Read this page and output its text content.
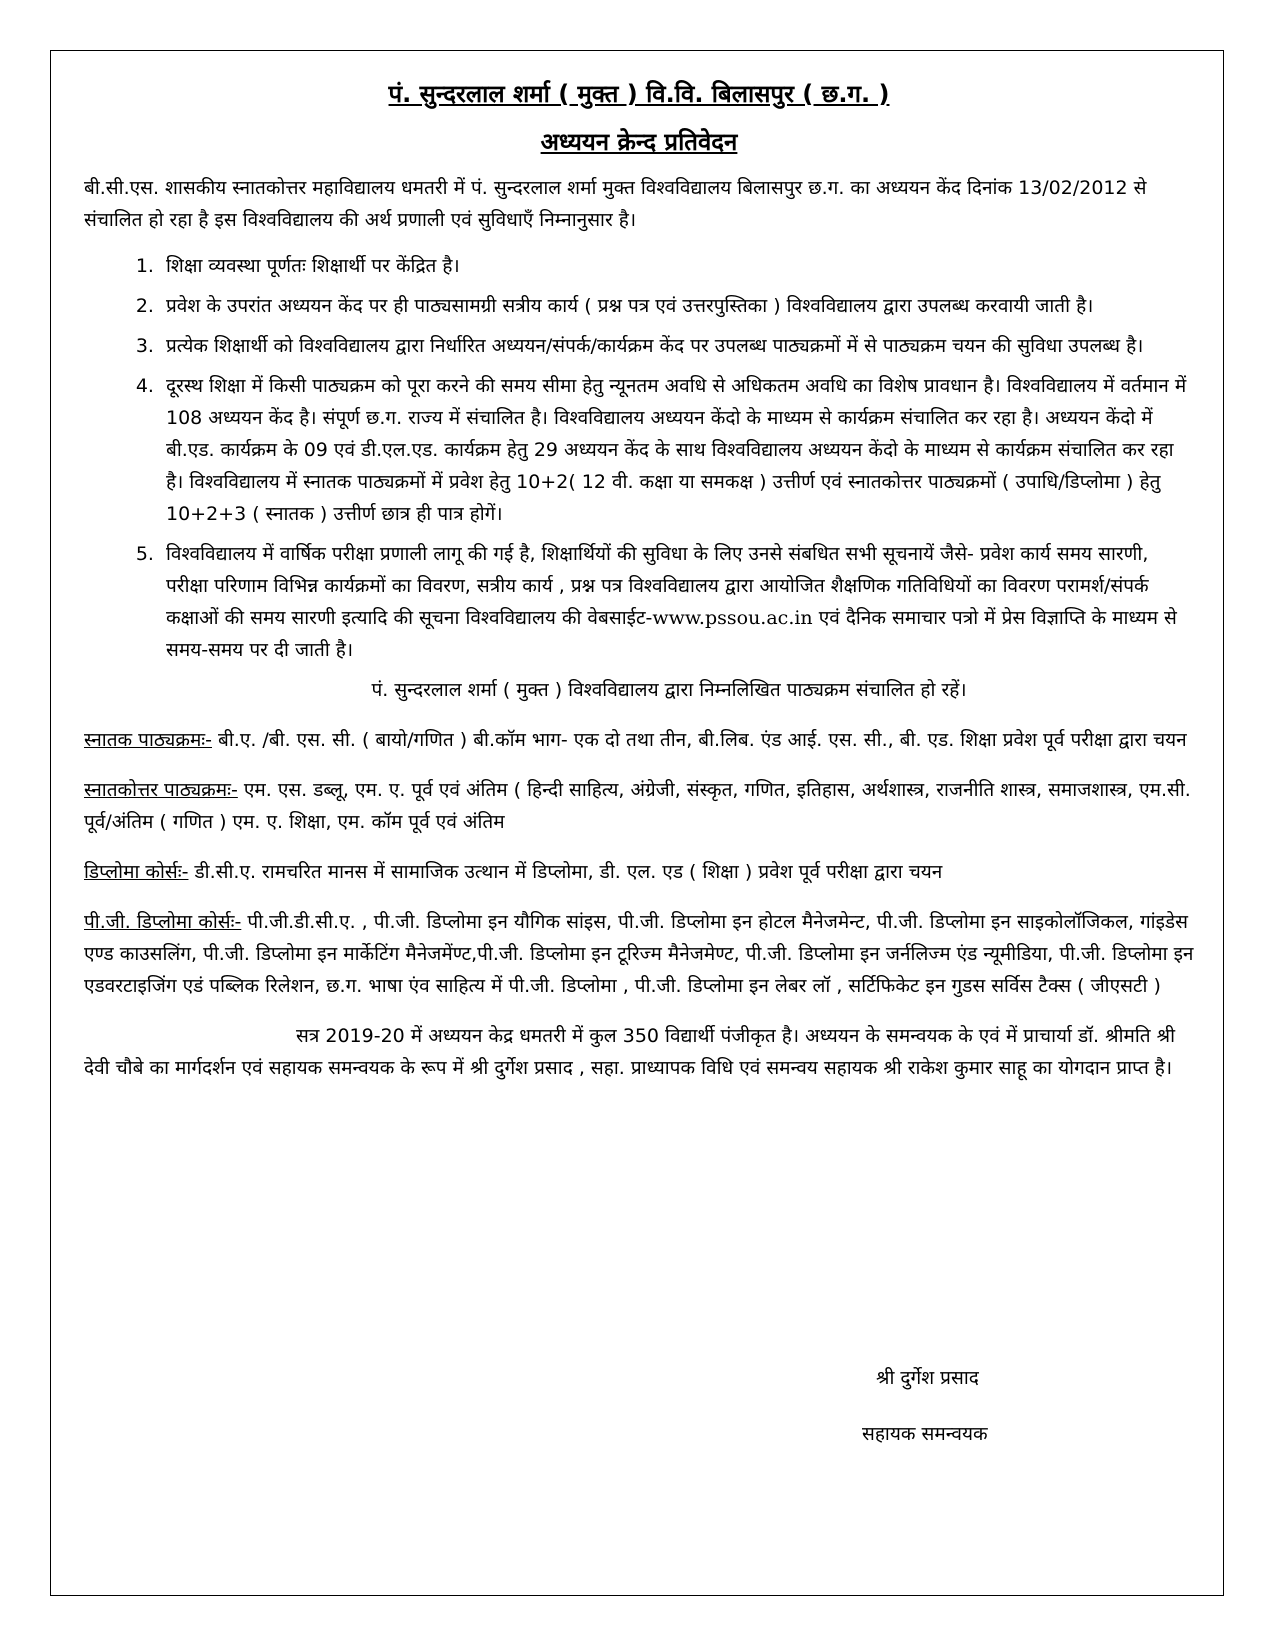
पं. सुन्दरलाल शर्मा ( मुक्त ) वि.वि. बिलासपुर ( छ.ग. )
अध्ययन क्रेन्द प्रतिवेदन

बी.सी.एस. शासकीय स्नातकोत्तर महाविद्यालय धमतरी में पं. सुन्दरलाल शर्मा मुक्त विश्वविद्यालय बिलासपुर छ.ग. का अध्ययन केंद दिनांक 13/02/2012 से संचालित हो रहा है इस विश्वविद्यालय की अर्थ प्रणाली एवं सुविधाएँ निम्नानुसार है।

1. शिक्षा व्यवस्था पूर्णतः शिक्षार्थी पर केंद्रित है।
2. प्रवेश के उपरांत अध्ययन केंद पर ही पाठ्यसामग्री सत्रीय कार्य ( प्रश्न पत्र एवं उत्तरपुस्तिका ) विश्वविद्यालय द्वारा उपलब्ध करवायी जाती है।
3. प्रत्येक शिक्षार्थी को विश्वविद्यालय द्वारा निर्धारित अध्ययन/संपर्क/कार्यक्रम केंद पर उपलब्ध पाठ्यक्रमों में से पाठ्यक्रम चयन की सुविधा उपलब्ध है।
4. दूरस्थ शिक्षा में किसी पाठ्यक्रम को पूरा करने की समय सीमा हेतु न्यूनतम अवधि से अधिकतम अवधि का विशेष प्रावधान है। विश्वविद्यालय में वर्तमान में 108 अध्ययन केंद है। संपूर्ण छ.ग. राज्य में संचालित है। विश्वविद्यालय अध्ययन केंदो के माध्यम से कार्यक्रम संचालित कर रहा है। अध्ययन केंदो में बी.एड. कार्यक्रम के 09 एवं डी.एल.एड. कार्यक्रम हेतु 29 अध्ययन केंद के साथ विश्वविद्यालय अध्ययन केंदो के माध्यम से कार्यक्रम संचालित कर रहा है। विश्वविद्यालय में स्नातक पाठ्यक्रमों में प्रवेश हेतु 10+2( 12 वी. कक्षा या समकक्ष ) उत्तीर्ण एवं स्नातकोत्तर पाठ्यक्रमों ( उपाधि/डिप्लोमा ) हेतु 10+2+3 ( स्नातक ) उत्तीर्ण छात्र ही पात्र होगें।
5. विश्वविद्यालय में वार्षिक परीक्षा प्रणाली लागू की गई है, शिक्षार्थियों की सुविधा के लिए उनसे संबधित सभी सूचनायें जैसे- प्रवेश कार्य समय सारणी, परीक्षा परिणाम विभिन्न कार्यक्रमों का विवरण, सत्रीय कार्य , प्रश्न पत्र विश्वविद्यालय द्वारा आयोजित शैक्षणिक गतिविधियों का विवरण परामर्श/संपर्क कक्षाओं की समय सारणी इत्यादि की सूचना विश्वविद्यालय की वेबसाईट-www.pssou.ac.in एवं दैनिक समाचार पत्रो में प्रेस विज्ञाप्ति के माध्यम से समय-समय पर दी जाती है।

पं. सुन्दरलाल शर्मा ( मुक्त ) विश्वविद्यालय द्वारा निम्नलिखित पाठ्यक्रम संचालित हो रहें।

स्नातक पाठ्यक्रमः- बी.ए. /बी. एस. सी. ( बायो/गणित ) बी.कॉम भाग- एक दो तथा तीन, बी.लिब. एंड आई. एस. सी., बी. एड. शिक्षा प्रवेश पूर्व परीक्षा द्वारा चयन

स्नातकोत्तर पाठ्यक्रमः- एम. एस. डब्लू, एम. ए. पूर्व एवं अंतिम ( हिन्दी साहित्य, अंग्रेजी, संस्कृत, गणित, इतिहास, अर्थशास्त्र, राजनीति शास्त्र, समाजशास्त्र, एम.सी. पूर्व/अंतिम ( गणित ) एम. ए. शिक्षा, एम. कॉम पूर्व एवं अंतिम

डिप्लोमा कोर्सः- डी.सी.ए. रामचरित मानस में सामाजिक उत्थान में डिप्लोमा, डी. एल. एड ( शिक्षा ) प्रवेश पूर्व परीक्षा द्वारा चयन

पी.जी. डिप्लोमा कोर्सः- पी.जी.डी.सी.ए. , पी.जी. डिप्लोमा इन यौगिक सांइस, पी.जी. डिप्लोमा इन होटल मैनेजमेन्ट, पी.जी. डिप्लोमा इन साइकोलॉजिकल, गांइडेस एण्ड काउसलिंग, पी.जी. डिप्लोमा इन मार्केटिंग मैनेजमेंण्ट,पी.जी. डिप्लोमा इन टूरिज्म मैनेजमेण्ट, पी.जी. डिप्लोमा इन जर्नलिज्म एंड न्यूमीडिया, पी.जी. डिप्लोमा इन एडवरटाइजिंग एडं पब्लिक रिलेशन, छ.ग. भाषा एंव साहित्य में पी.जी. डिप्लोमा , पी.जी. डिप्लोमा इन लेबर लॉ , सर्टिफिकेट इन गुडस सर्विस टैक्स ( जीएसटी )

सत्र 2019-20 में अध्ययन केद्र धमतरी में कुल 350 विद्यार्थी पंजीकृत है। अध्ययन के समन्वयक के एवं में प्राचार्या डॉ. श्रीमति श्री देवी चौबे का मार्गदर्शन एवं सहायक समन्वयक के रूप में श्री दुर्गेश प्रसाद , सहा. प्राध्यापक विधि एवं समन्वय सहायक श्री राकेश कुमार साहू का योगदान प्राप्त है।

श्री दुर्गेश प्रसाद
सहायक समन्वयक
